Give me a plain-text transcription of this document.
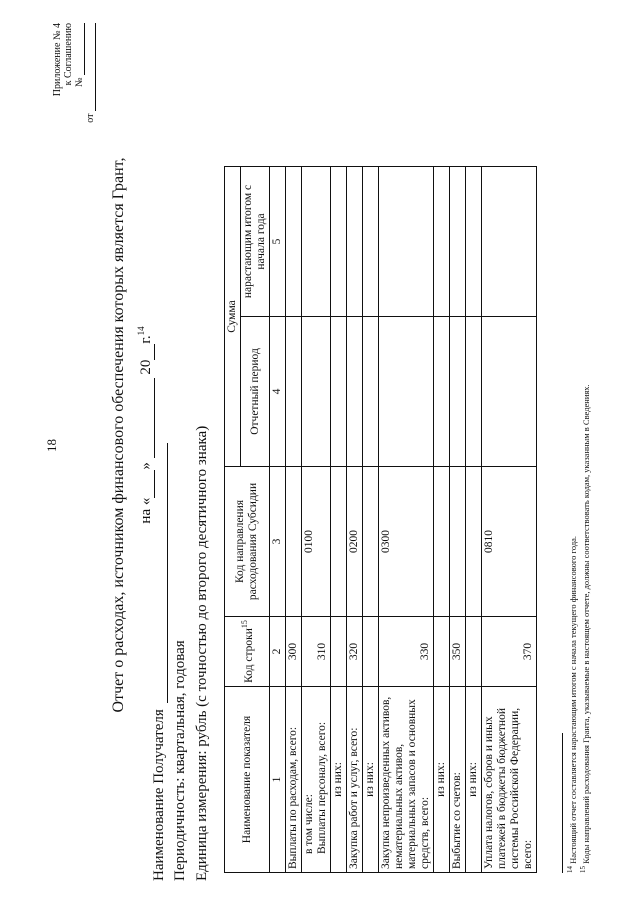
18
Приложение № 4 к Соглашению №
от
Отчет о расходах, источником финансового обеспечения которых является Грант, на «»  20г.$^{14}$
Наименование Получателя Периодичность: квартальная, годовая Единица измерения: рубль (с точностью до второго десятичного знака)	Наименование показателя	Код строки$^{15}$	Код направления расходования Субсидии	Сумма	
			Отчетный период	нарастающим итогом с начала года
1	2	3	4	5
Выплаты по расходам, всего:	300			

в том числе: Выплаты персоналу, всего:	310	0100		
из них:				
Закупка работ и услуг, всего:	320	0200		
из них:				
Закупка непроизведенных активов, нематериальных активов, материальных запасов и основных средств, всего:	330	0300		
из них:				
Выбытие со счетов:	350			
из них:				
Уплата налогов, сборов и иных платежей в бюджеты бюджетной системы Российской Федерации, всего:	370	0810		
$^{14}$ Настоящий отчет составляется нарастающим итогом с начала текущего финансового года.
$^{15}$ Коды направлений расходования Гранта, указываемые в настоящем отчете, должны соответствовать кодам, указанным в Сведениях.
